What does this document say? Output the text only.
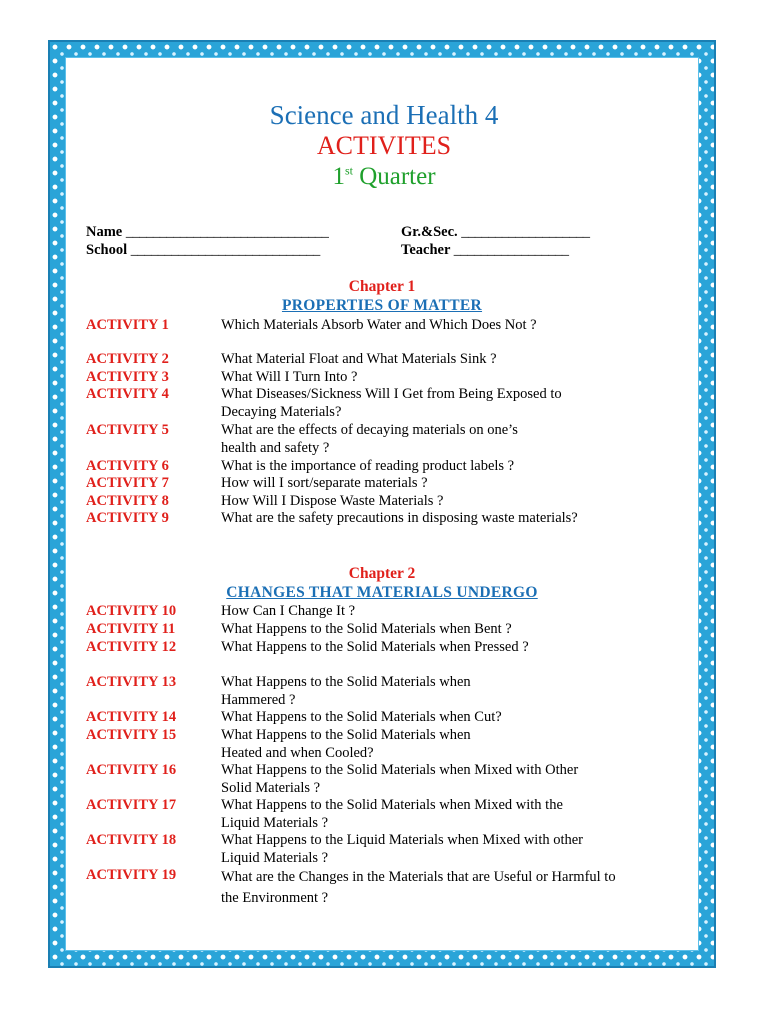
Science and Health 4
ACTIVITES
1st Quarter
Name ______________________________	Gr.&Sec. ___________________
School ____________________________	Teacher _________________
Chapter 1
PROPERTIES OF MATTER
ACTIVITY 1	Which Materials Absorb Water and Which Does Not ?
ACTIVITY 2	What Material Float and What Materials Sink ?
ACTIVITY 3	What Will I Turn Into ?
ACTIVITY 4	What Diseases/Sickness Will I Get from Being Exposed to Decaying Materials?
ACTIVITY 5	What are the effects of decaying materials on one’s health and safety ?
ACTIVITY 6	What is the importance of reading product labels ?
ACTIVITY 7	How will I sort/separate materials ?
ACTIVITY 8	How Will I Dispose Waste Materials ?
ACTIVITY 9	What are the safety precautions in disposing waste materials?
Chapter 2
CHANGES THAT MATERIALS UNDERGO
ACTIVITY 10	How Can I Change It ?
ACTIVITY 11	What Happens to the Solid Materials when Bent ?
ACTIVITY 12	What Happens to the Solid Materials when Pressed ?
ACTIVITY 13	What Happens to the Solid Materials when Hammered ?
ACTIVITY 14	What Happens to the Solid Materials when Cut?
ACTIVITY 15	What Happens to the Solid Materials when Heated and when Cooled?
ACTIVITY 16	What Happens to the Solid Materials when Mixed with Other Solid Materials ?
ACTIVITY 17	What Happens to the Solid Materials when Mixed with the Liquid Materials ?
ACTIVITY 18	What Happens to the Liquid Materials when Mixed with other Liquid Materials ?
ACTIVITY 19	What are the Changes in the Materials that are Useful or Harmful to the Environment ?
